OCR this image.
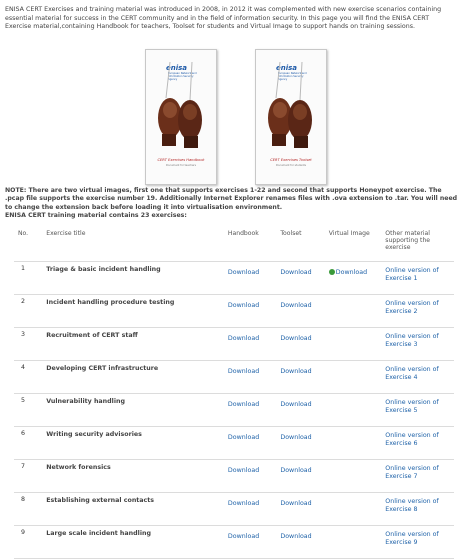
ENISA CERT Exercises and training material was introduced in 2008, in 2012 it was complemented with new exercise scenarios containing essential material for success in the CERT community and in the field of information security. In this page you will find the ENISA CERT Exercise material,containing Handbook for teachers, Toolset for students and Virtual Image to support hands on training sessions.
enisa
European Network and Information Security Agency
CERT Exercises Handbook
Document for teachers
enisa
European Network and Information Security Agency
CERT Exercises Toolset
Document for students
NOTE: There are two virtual images, first one that supports exercises 1-22 and second that supports Honeypot exercise. The .pcap file supports the exercise number 19. Additionally Internet Explorer renames files with .ova extension to .tar. You will need to change the extension back before loading it into virtualisation environment.
ENISA CERT training material contains 23 exercises:
No.	Exercise title	Handbook	Toolset	Virtual Image	Other material supporting the exercise
1	Triage & basic incident handling	Download	Download	Download	Online version of Exercise 1
2	Incident handling procedure testing	Download	Download		Online version of Exercise 2
3	Recruitment of CERT staff	Download	Download		Online version of Exercise 3
4	Developing CERT infrastructure	Download	Download		Online version of Exercise 4
5	Vulnerability handling	Download	Download		Online version of Exercise 5
6	Writing security advisories	Download	Download		Online version of Exercise 6
7	Network forensics	Download	Download		Online version of Exercise 7
8	Establishing external contacts	Download	Download		Online version of Exercise 8
9	Large scale incident handling	Download	Download		Online version of Exercise 9
